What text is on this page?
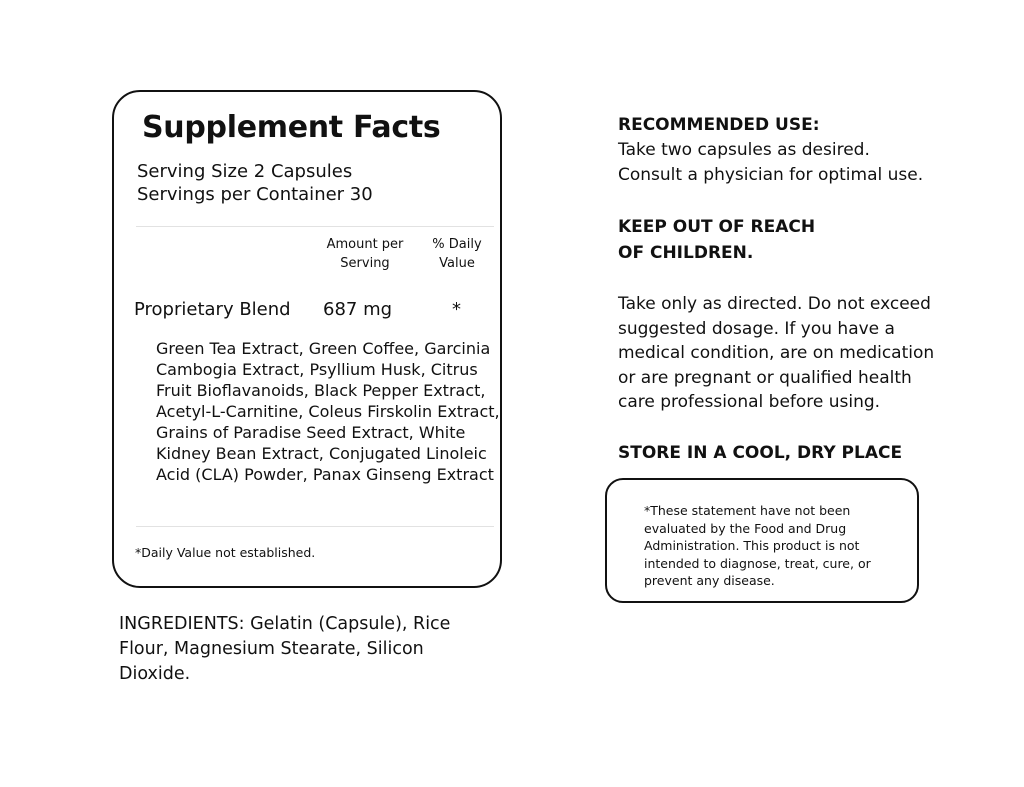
Supplement Facts
Serving Size 2 Capsules
Servings per Container 30
Amount per Serving
% Daily Value
Proprietary Blend 687 mg	*
Green Tea Extract, Green Coffee, Garcinia Cambogia Extract, Psyllium Husk, Citrus Fruit Bioflavanoids, Black Pepper Extract, Acetyl-L-Carnitine, Coleus Firskolin Extract, Grains of Paradise Seed Extract, White Kidney Bean Extract, Conjugated Linoleic Acid (CLA) Powder, Panax Ginseng Extract
*Daily Value not established.
INGREDIENTS: Gelatin (Capsule), Rice Flour, Magnesium Stearate, Silicon Dioxide.
RECOMMENDED USE:
Take two capsules as desired. Consult a physician for optimal use.
KEEP OUT OF REACH
OF CHILDREN.
Take only as directed. Do not exceed suggested dosage. If you have a medical condition, are on medication or are pregnant or qualified health care professional before using.
STORE IN A COOL, DRY PLACE
*These statement have not been evaluated by the Food and Drug Administration. This product is not intended to diagnose, treat, cure, or prevent any disease.
